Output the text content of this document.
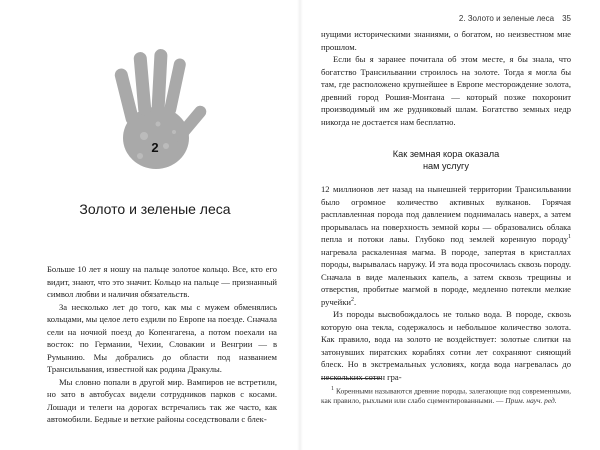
2
Золото и зеленые леса

Больше 10 лет я ношу на пальце золотое кольцо. Все, кто его видит, знают, что это значит. Кольцо на пальце — признанный символ любви и наличия обязательств.

За несколько лет до того, как мы с мужем обменялись кольцами, мы целое лето ездили по Европе на поезде. Сначала сели на ночной поезд до Копенгагена, а потом поехали на восток: по Германии, Чехии, Словакии и Венгрии — в Румынию. Мы добрались до области под названием Трансильвания, известной как родина Дракулы.

Мы словно попали в другой мир. Вампиров не встретили, но зато в автобусах видели сотрудников парков с косами. Лошади и телеги на дорогах встречались так же часто, как автомобили. Бедные и ветхие районы соседствовали с блек-

2. Золото и зеленые леса 35

нущими историческими знаниями, о богатом, но неизвестном мне прошлом.

Если бы я заранее почитала об этом месте, я бы знала, что богатство Трансильвании строилось на золоте. Тогда я могла бы там, где расположено крупнейшее в Европе месторождение золота, древний город Рошия-Монтана — который позже похоронит производимый им же рудниковый шлам. Богатство земных недр никогда не достается нам бесплатно.

Как земная кора оказала
нам услугу

12 миллионов лет назад на нынешней территории Трансильвании было огромное количество активных вулканов. Горячая расплавленная порода под давлением поднималась наверх, а затем прорывалась на поверхность земной коры — образовались облака пепла и потоки лавы. Глубоко под землей коренную породу$^1$ нагревала раскаленная магма. В породе, запертая в кристаллах породы, вырывалась наружу. И эта вода просочилась сквозь породу. Сначала в виде маленьких капель, а затем сквозь трещины и отверстия, пробитые магмой в породе, медленно потекли мелкие ручейки$^2$.

Из породы высвобождалось не только вода. В породе, сквозь которую она текла, содержалось и небольшое количество золота. Как правило, вода на золото не воздействует: золотые слитки на затонувших пиратских кораблях сотни лет сохраняют сияющий блеск. Но в экстремальных условиях, когда вода нагревалась до нескольких сотен гра-

$^1$ Коренными называются древние породы, залегающие под современными, как правило, рыхлыми или слабо сцементированными. — Прим. науч. ред.
